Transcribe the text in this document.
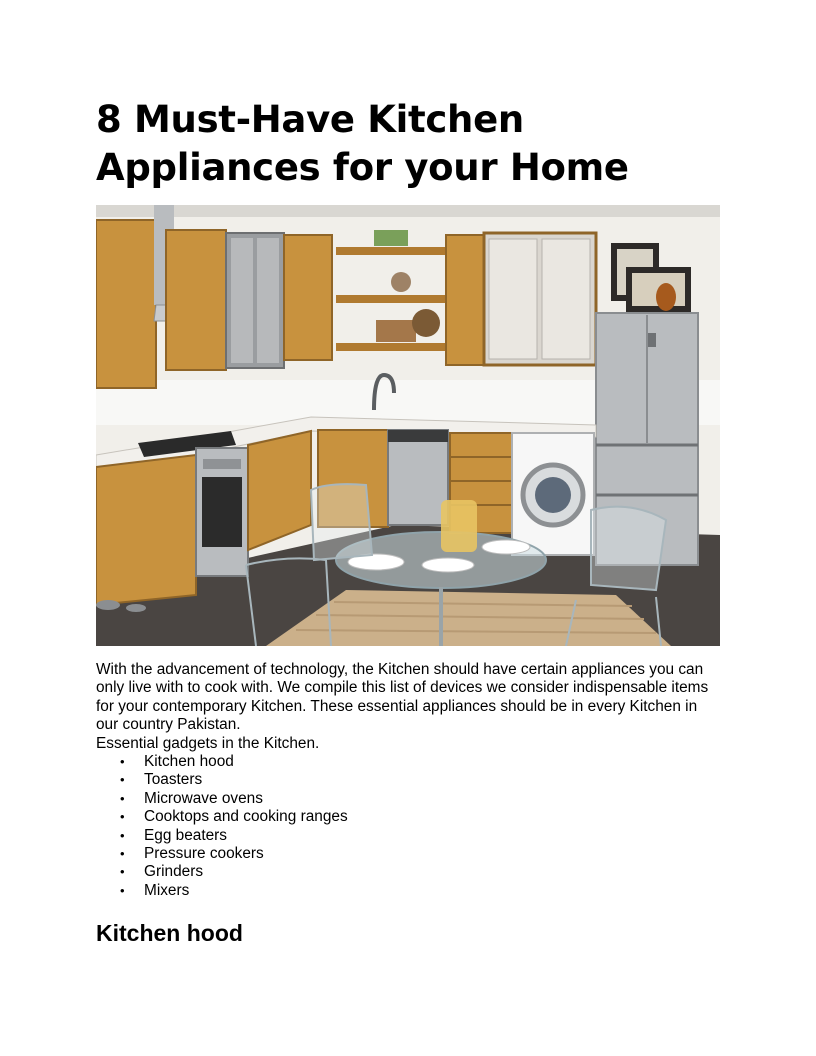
8 Must-Have Kitchen Appliances for your Home

With the advancement of technology, the Kitchen should have certain appliances you can only live with to cook with. We compile this list of devices we consider indispensable items for your contemporary Kitchen. These essential appliances should be in every Kitchen in our country Pakistan.
Essential gadgets in the Kitchen.

• Kitchen hood
• Toasters
• Microwave ovens
• Cooktops and cooking ranges
• Egg beaters
• Pressure cookers
• Grinders
• Mixers
Kitchen hood
